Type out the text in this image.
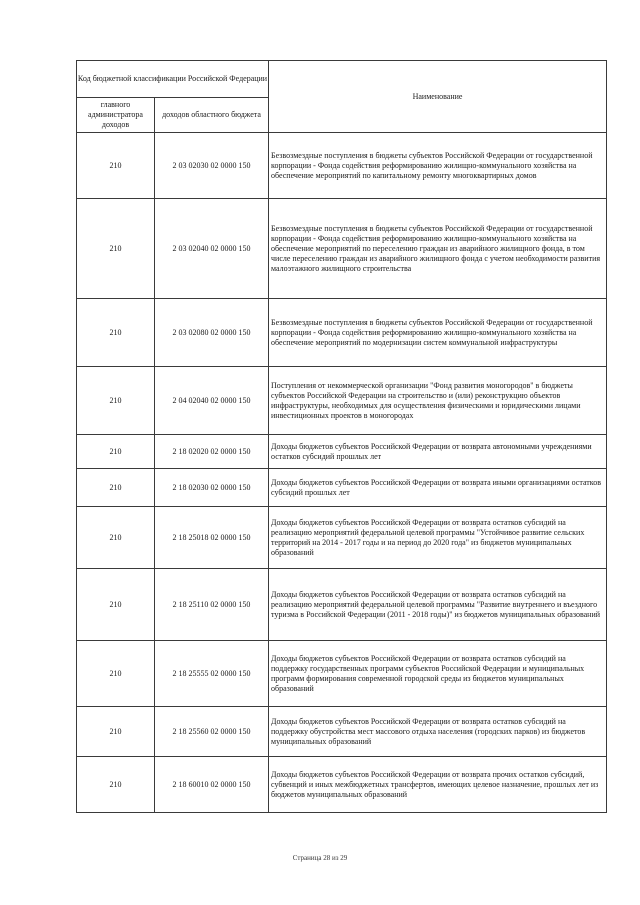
Код бюджетной классификации Российской Федерации		Наименование
главного администратора доходов	доходов областного бюджета	
210	2 03 02030 02 0000 150	Безвозмездные поступления в бюджеты субъектов Российской Федерации от государственной корпорации - Фонда содействия реформированию жилищно-коммунального хозяйства на обеспечение мероприятий по капитальному ремонту многоквартирных домов
210	2 03 02040 02 0000 150	Безвозмездные поступления в бюджеты субъектов Российской Федерации от государственной корпорации - Фонда содействия реформированию жилищно-коммунального хозяйства на обеспечение мероприятий по переселению граждан из аварийного жилищного фонда, в том числе переселению граждан из аварийного жилищного фонда с учетом необходимости развития малоэтажного жилищного строительства
210	2 03 02080 02 0000 150	Безвозмездные поступления в бюджеты субъектов Российской Федерации от государственной корпорации - Фонда содействия реформированию жилищно-коммунального хозяйства на обеспечение мероприятий по модернизации систем коммунальной инфраструктуры
210	2 04 02040 02 0000 150	Поступления от некоммерческой организации "Фонд развития моногородов" в бюджеты субъектов Российской Федерации на строительство и (или) реконструкцию объектов инфраструктуры, необходимых для осуществления физическими и юридическими лицами инвестиционных проектов в моногородах
210	2 18 02020 02 0000 150	Доходы бюджетов субъектов Российской Федерации от возврата автономными учреждениями остатков субсидий прошлых лет
210	2 18 02030 02 0000 150	Доходы бюджетов субъектов Российской Федерации от возврата иными организациями остатков субсидий прошлых лет
210	2 18 25018 02 0000 150	Доходы бюджетов субъектов Российской Федерации от возврата остатков субсидий на реализацию мероприятий федеральной целевой программы "Устойчивое развитие сельских территорий на 2014 - 2017 годы и на период до 2020 года" из бюджетов муниципальных образований
210	2 18 25110 02 0000 150	Доходы бюджетов субъектов Российской Федерации от возврата остатков субсидий на реализацию мероприятий федеральной целевой программы "Развитие внутреннего и въездного туризма в Российской Федерации (2011 - 2018 годы)" из бюджетов муниципальных образований
210	2 18 25555 02 0000 150	Доходы бюджетов субъектов Российской Федерации от возврата остатков субсидий на поддержку государственных программ субъектов Российской Федерации и муниципальных программ формирования современной городской среды из бюджетов муниципальных образований
210	2 18 25560 02 0000 150	Доходы бюджетов субъектов Российской Федерации от возврата остатков субсидий на поддержку обустройства мест массового отдыха населения (городских парков) из бюджетов муниципальных образований
210	2 18 60010 02 0000 150	Доходы бюджетов субъектов Российской Федерации от возврата прочих остатков субсидий, субвенций и иных межбюджетных трансфертов, имеющих целевое назначение, прошлых лет из бюджетов муниципальных образований
Страница 28 из 29
